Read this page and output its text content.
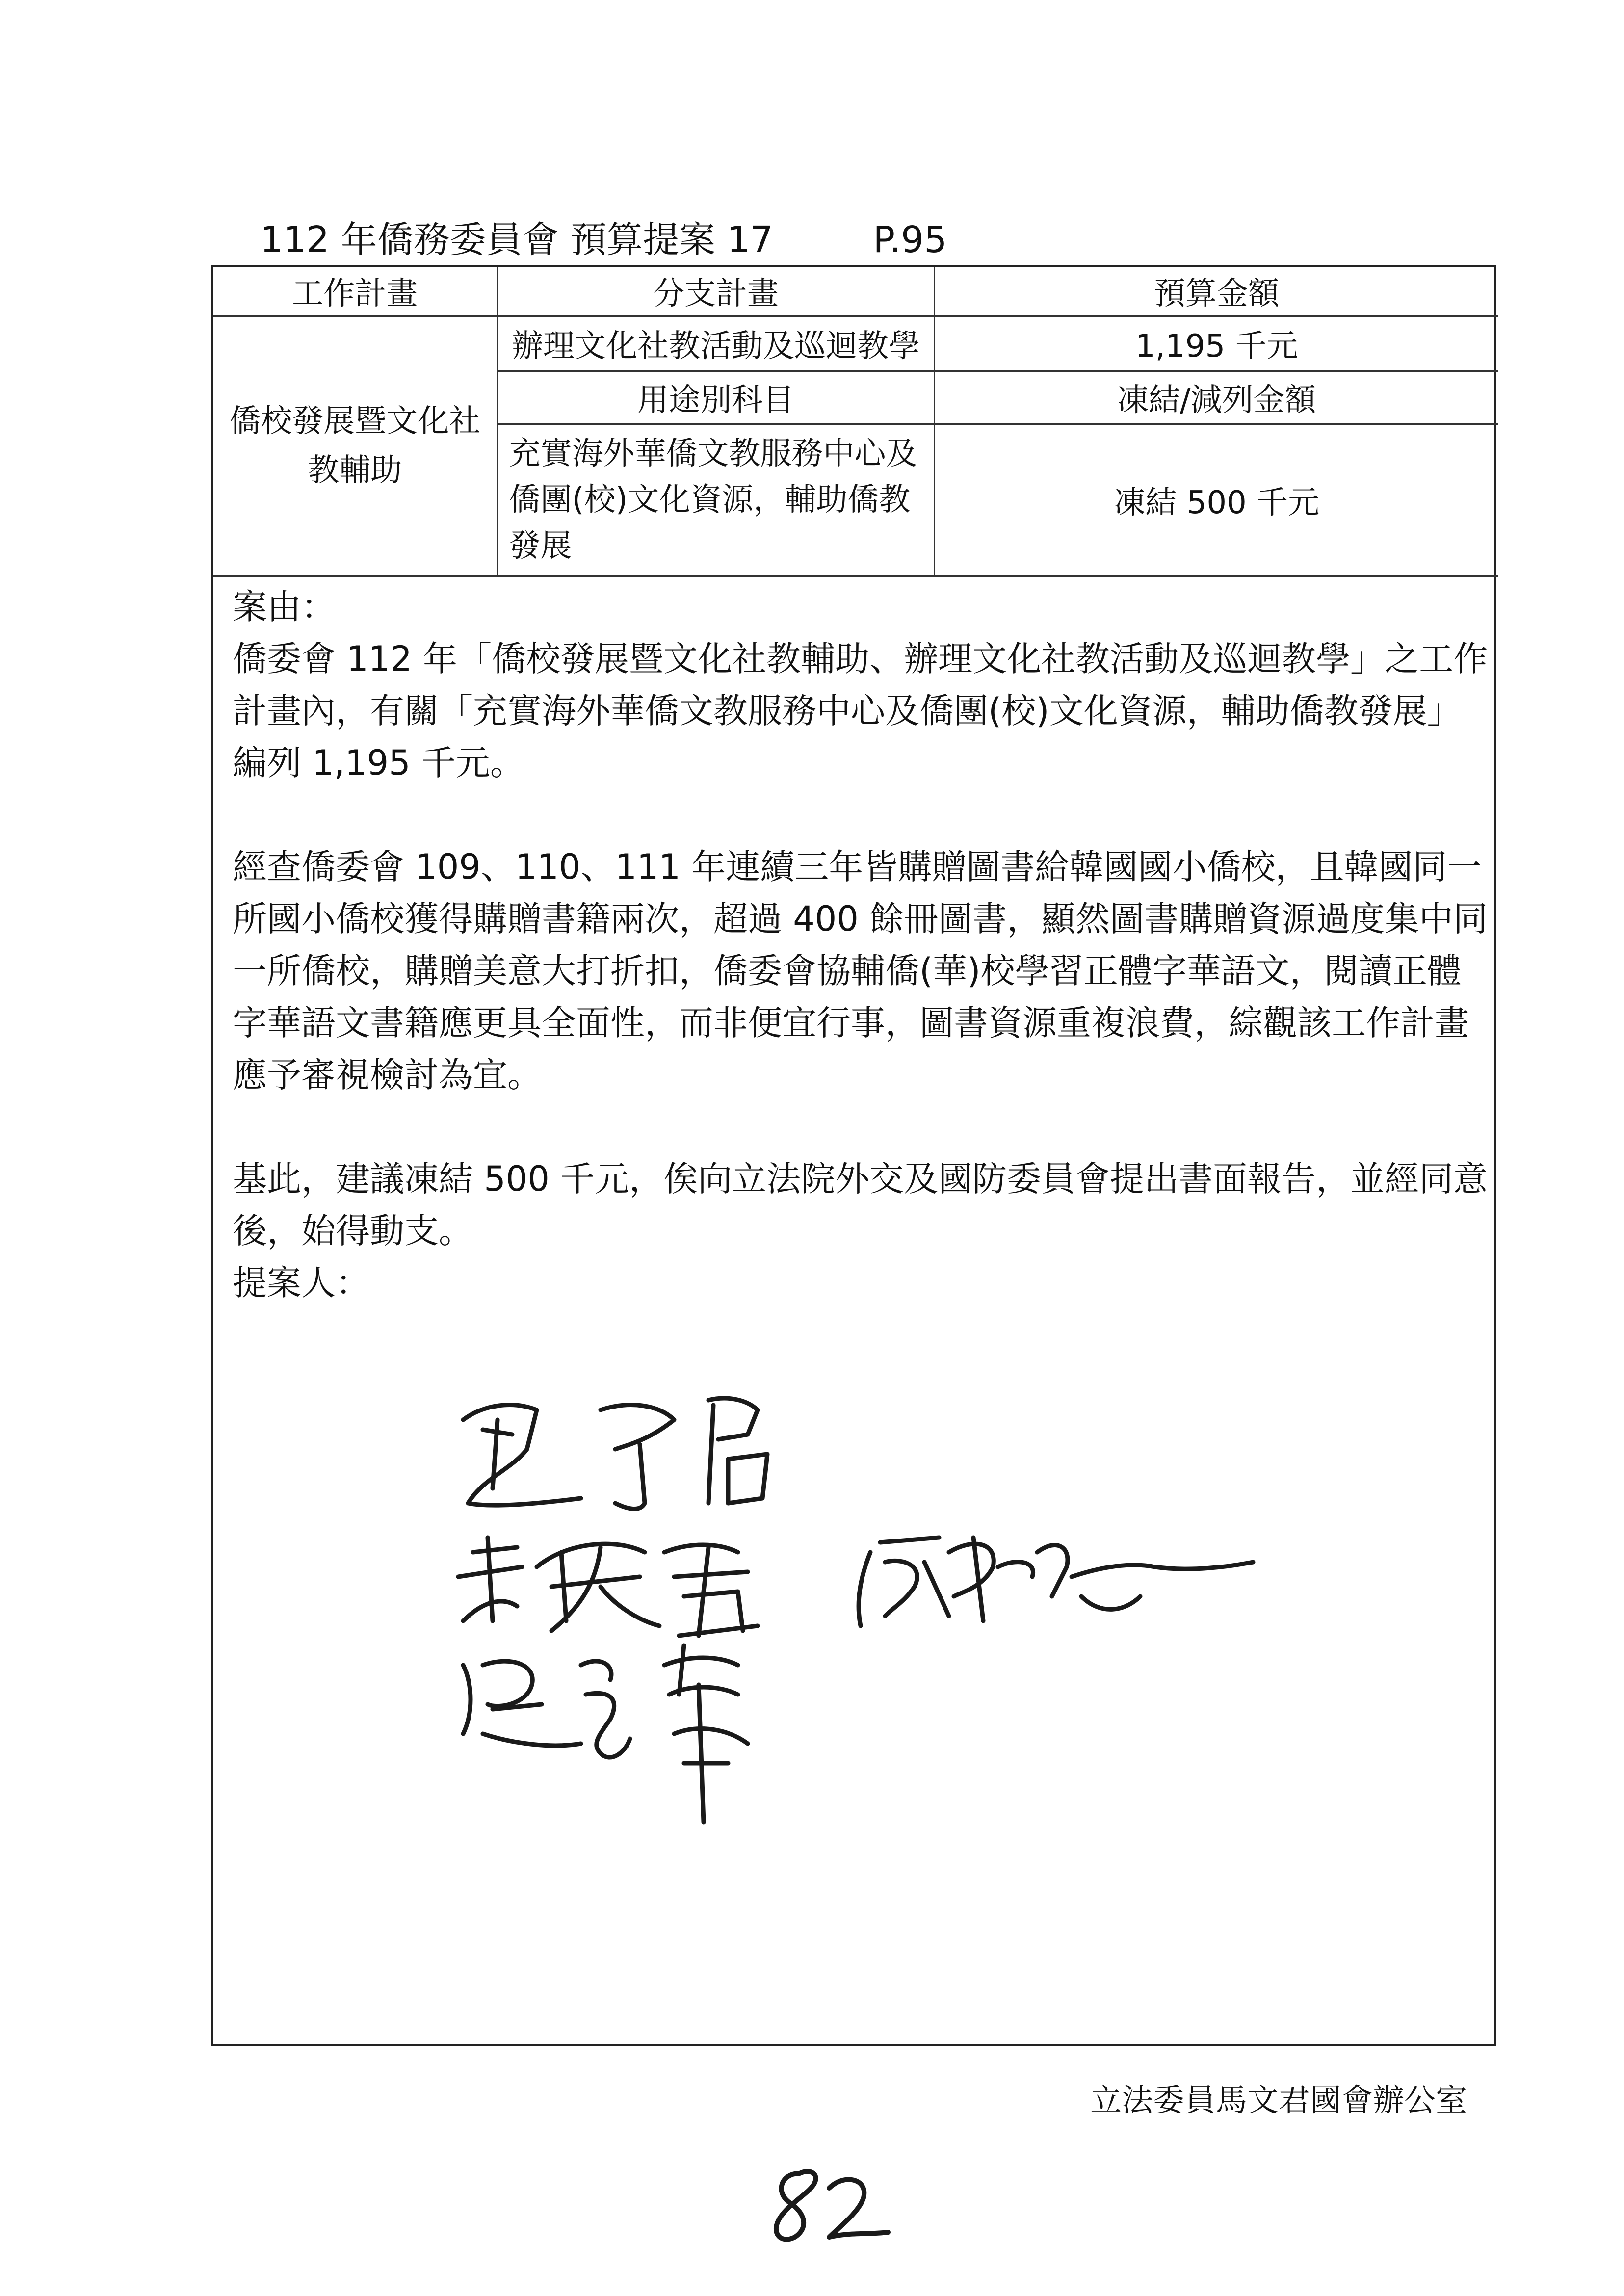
112 年僑務委員會 預算提案 17	P.95
工作計畫	分支計畫	預算金額
僑校發展暨文化社教輔助	辦理文化社教活動及巡迴教學	1,195 千元
	用途別科目	凍結/減列金額
	充實海外華僑文教服務中心及僑團(校)文化資源，輔助僑教發展	凍結 500 千元

案由：

僑委會 112 年「僑校發展暨文化社教輔助、辦理文化社教活動及巡迴教學」之工作計畫內，有關「充實海外華僑文教服務中心及僑團(校)文化資源，輔助僑教發展」編列 1,195 千元。

經查僑委會 109、110、111 年連續三年皆購贈圖書給韓國國小僑校，且韓國同一所國小僑校獲得購贈書籍兩次，超過 400 餘冊圖書，顯然圖書購贈資源過度集中同一所僑校，購贈美意大打折扣，僑委會協輔僑(華)校學習正體字華語文，閱讀正體字華語文書籍應更具全面性，而非便宜行事，圖書資源重複浪費，綜觀該工作計畫應予審視檢討為宜。

基此，建議凍結 500 千元，俟向立法院外交及國防委員會提出書面報告，並經同意後，始得動支。

提案人：

立法委員馬文君國會辦公室
